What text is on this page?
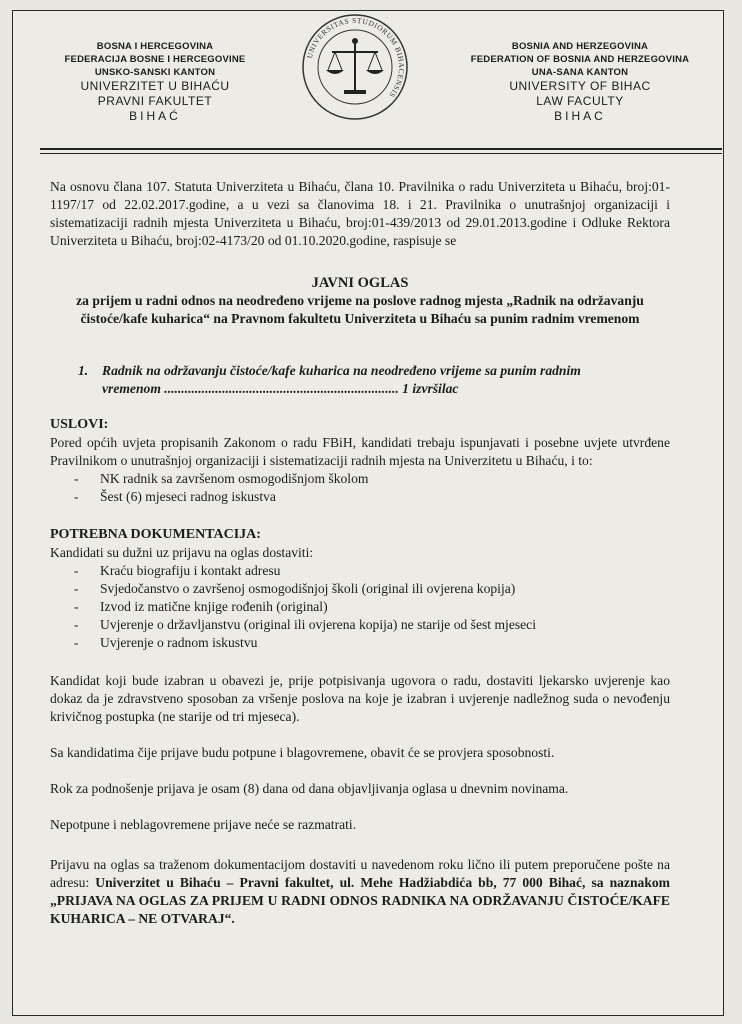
BOSNA I HERCEGOVINA
FEDERACIJA BOSNE I HERCEGOVINE
UNSKO-SANSKI KANTON
UNIVERZITET U BIHAĆU
PRAVNI FAKULTET
BIHAĆ
UNIVERSITAS STUDIORUM BIHACENSIS
BOSNIA AND HERZEGOVINA
FEDERATION OF BOSNIA AND HERZEGOVINA
UNA-SANA KANTON
UNIVERSITY OF BIHAC
LAW FACULTY
BIHAC

Na osnovu člana 107. Statuta Univerziteta u Bihaću, člana 10. Pravilnika o radu Univerziteta u Bihaću, broj:01-1197/17 od 22.02.2017.godine, a u vezi sa članovima 18. i 21. Pravilnika o unutrašnjoj organizaciji i sistematizaciji radnih mjesta Univerziteta u Bihaću, broj:01-439/2013 od 29.01.2013.godine i Odluke Rektora Univerziteta u Bihaću, broj:02-4173/20 od 01.10.2020.godine, raspisuje se

JAVNI OGLAS

za prijem u radni odnos na neodređeno vrijeme na poslove radnog mjesta „Radnik na održavanju čistoće/kafe kuharica“ na Pravnom fakultetu Univerziteta u Bihaću sa punim radnim vremenom

1. Radnik na održavanju čistoće/kafe kuharica na neodređeno vrijeme sa punim radnim
vremenom ..................................................................... 1 izvršilac
USLOVI:

Pored općih uvjeta propisanih Zakonom o radu FBiH, kandidati trebaju ispunjavati i posebne uvjete utvrđene Pravilnikom o unutrašnjoj organizaciji i sistematizaciji radnih mjesta na Univerzitetu u Bihaću, i to:

- NK radnik sa završenom osmogodišnjom školom
- Šest (6) mjeseci radnog iskustva
POTREBNA DOKUMENTACIJA:

Kandidati su dužni uz prijavu na oglas dostaviti:

- Kraću biografiju i kontakt adresu
- Svjedočanstvo o završenoj osmogodišnjoj školi (original ili ovjerena kopija)
- Izvod iz matične knjige rođenih (original)
- Uvjerenje o državljanstvu (original ili ovjerena kopija) ne starije od šest mjeseci
- Uvjerenje o radnom iskustvu

Kandidat koji bude izabran u obavezi je, prije potpisivanja ugovora o radu, dostaviti ljekarsko uvjerenje kao dokaz da je zdravstveno sposoban za vršenje poslova na koje je izabran i uvjerenje nadležnog suda o nevođenju krivičnog postupka (ne starije od tri mjeseca).

Sa kandidatima čije prijave budu potpune i blagovremene, obavit će se provjera sposobnosti.

Rok za podnošenje prijava je osam (8) dana od dana objavljivanja oglasa u dnevnim novinama.

Nepotpune i neblagovremene prijave neće se razmatrati.

Prijavu na oglas sa traženom dokumentacijom dostaviti u navedenom roku lično ili putem preporučene pošte na adresu: Univerzitet u Bihaću – Pravni fakultet, ul. Mehe Hadžiabdića bb, 77 000 Bihać, sa naznakom „PRIJAVA NA OGLAS ZA PRIJEM U RADNI ODNOS RADNIKA NA ODRŽAVANJU ČISTOĆE/KAFE KUHARICA – NE OTVARAJ“.
